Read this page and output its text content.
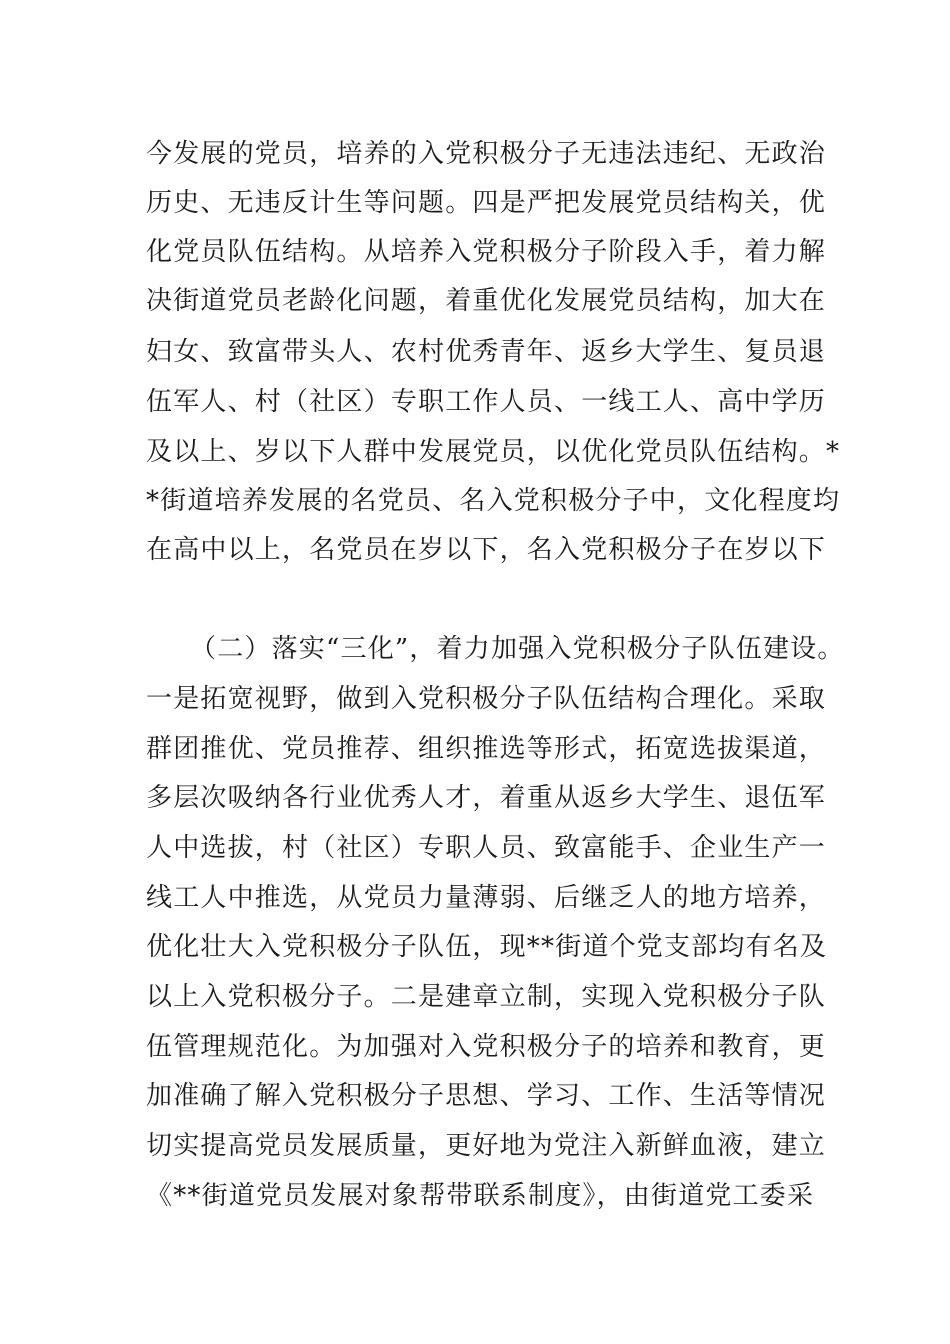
今发展的党员，培养的入党积极分子无违法违纪、无政治
历史、无违反计生等问题。四是严把发展党员结构关，优
化党员队伍结构。从培养入党积极分子阶段入手，着力解
决街道党员老龄化问题，着重优化发展党员结构，加大在
妇女、致富带头人、农村优秀青年、返乡大学生、复员退
伍军人、村（社区）专职工作人员、一线工人、高中学历
及以上、岁以下人群中发展党员，以优化党员队伍结构。*
*街道培养发展的名党员、名入党积极分子中，文化程度均
在高中以上，名党员在岁以下，名入党积极分子在岁以下
（二）落实“三化”，着力加强入党积极分子队伍建设。
一是拓宽视野，做到入党积极分子队伍结构合理化。采取
群团推优、党员推荐、组织推选等形式，拓宽选拔渠道，
多层次吸纳各行业优秀人才，着重从返乡大学生、退伍军
人中选拔，村（社区）专职人员、致富能手、企业生产一
线工人中推选，从党员力量薄弱、后继乏人的地方培养，
优化壮大入党积极分子队伍，现**街道个党支部均有名及
以上入党积极分子。二是建章立制，实现入党积极分子队
伍管理规范化。为加强对入党积极分子的培养和教育，更
加准确了解入党积极分子思想、学习、工作、生活等情况
切实提高党员发展质量，更好地为党注入新鲜血液，建立
《**街道党员发展对象帮带联系制度》，由街道党工委采
